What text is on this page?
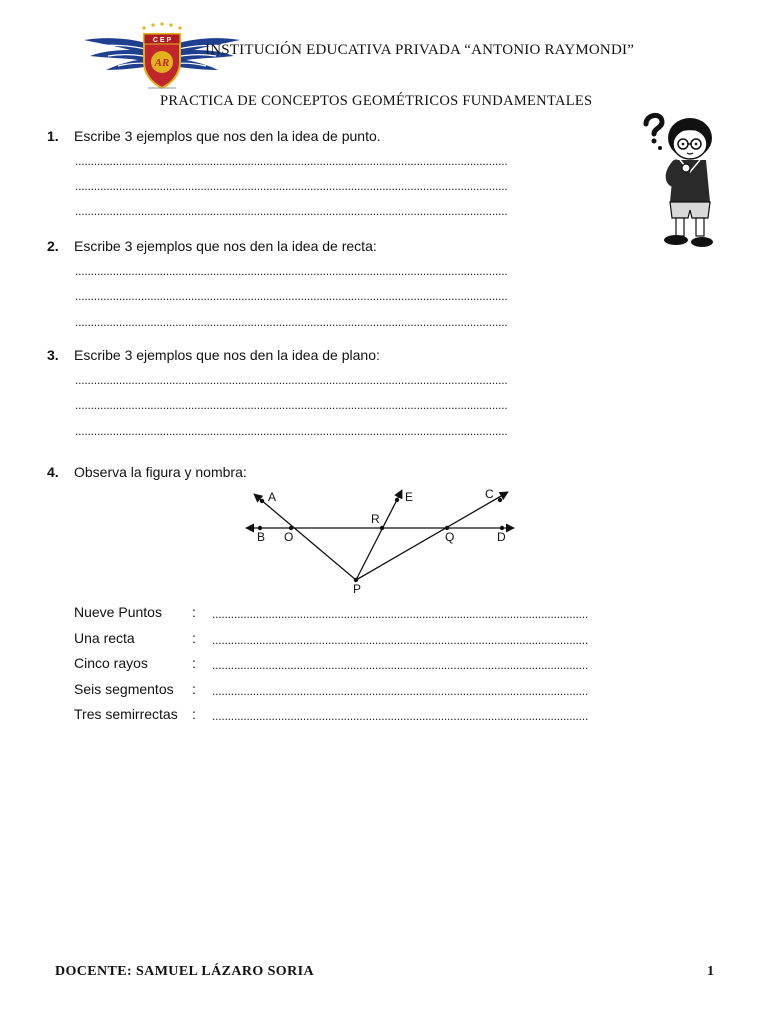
C E P
AR
INSTITUCIÓN EDUCATIVA PRIVADA “ANTONIO RAYMONDI”
PRACTICA DE CONCEPTOS GEOMÉTRICOS FUNDAMENTALES
1. Escribe 3 ejemplos que nos den la idea de punto.
..........................................................................................................................................
..........................................................................................................................................
..........................................................................................................................................
2. Escribe 3 ejemplos que nos den la idea de recta:
..........................................................................................................................................
..........................................................................................................................................
..........................................................................................................................................
3. Escribe 3 ejemplos que nos den la idea de plano:
..........................................................................................................................................
..........................................................................................................................................
..........................................................................................................................................
4. Observa la figura y nombra:
A
B O
R
E
Q
C
D
P
Nueve Puntos : ........................................................................................................................
Una recta	: ........................................................................................................................
Cinco rayos	: ........................................................................................................................
Seis segmentos : ........................................................................................................................
Tres semirrectas : ........................................................................................................................
DOCENTE: SAMUEL LÁZARO SORIA	1
